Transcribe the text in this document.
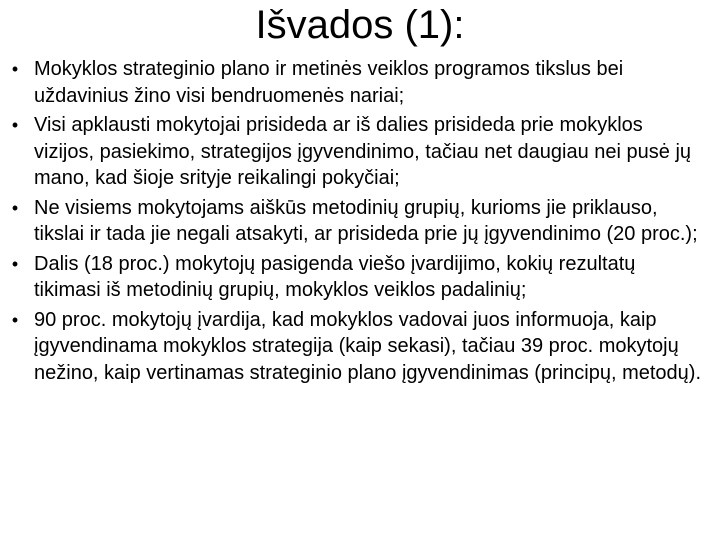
Išvados (1):
• Mokyklos strateginio plano ir metinės veiklos programos tikslus bei uždavinius žino visi bendruomenės nariai;
• Visi apklausti mokytojai prisideda ar iš dalies prisideda prie mokyklos vizijos, pasiekimo, strategijos įgyvendinimo, tačiau net daugiau nei pusė jų mano, kad šioje srityje reikalingi pokyčiai;
• Ne visiems mokytojams aiškūs metodinių grupių, kurioms jie priklauso, tikslai ir tada jie negali atsakyti, ar prisideda prie jų įgyvendinimo (20 proc.);
• Dalis (18 proc.) mokytojų pasigenda viešo įvardijimo, kokių rezultatų tikimasi iš metodinių grupių, mokyklos veiklos padalinių;
• 90 proc. mokytojų įvardija, kad mokyklos vadovai juos informuoja, kaip įgyvendinama mokyklos strategija (kaip sekasi), tačiau 39 proc. mokytojų nežino, kaip vertinamas strateginio plano įgyvendinimas (principų, metodų).
